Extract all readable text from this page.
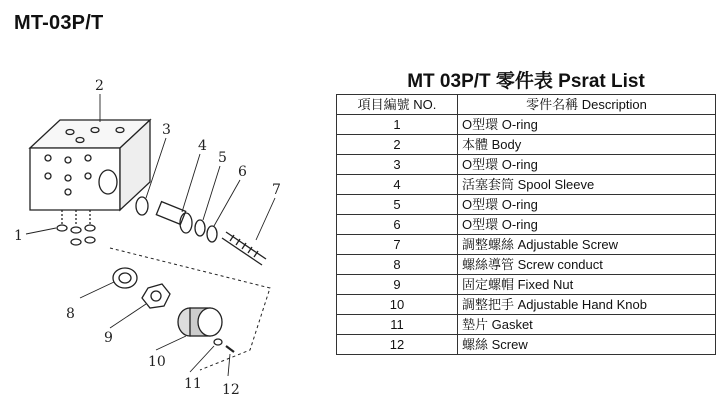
MT-03P/T
2
1
3
4
5
6
7
8
9
10
11 12
MT 03P/T 零件表 Psrat List
項目編號 NO.	零件名稱 Description
1	O型環 O-ring
2	本體 Body
3	O型環 O-ring
4	活塞套筒 Spool Sleeve
5	O型環 O-ring
6	O型環 O-ring
7	調整螺絲 Adjustable Screw
8	螺絲導管 Screw conduct
9	固定螺帽 Fixed Nut
10	調整把手 Adjustable Hand Knob
11	墊片 Gasket
12	螺絲 Screw
